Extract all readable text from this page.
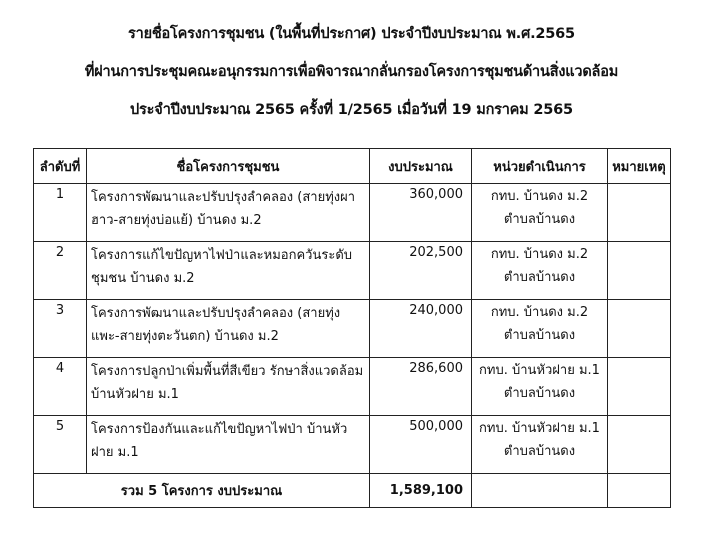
รายชื่อโครงการชุมชน (ในพื้นที่ประกาศ) ประจำปีงบประมาณ พ.ศ.2565
ที่ผ่านการประชุมคณะอนุกรรมการเพื่อพิจารณากลั่นกรองโครงการชุมชนด้านสิ่งแวดล้อม
ประจำปีงบประมาณ 2565 ครั้งที่ 1/2565 เมื่อวันที่ 19 มกราคม 2565
ลำดับที่	ชื่อโครงการชุมชน	งบประมาณ	หน่วยดำเนินการ	หมายเหตุ
1	โครงการพัฒนาและปรับปรุงลำคลอง (สายทุ่งผาฮาว-สายทุ่งบ่อแย้) บ้านดง ม.2	360,000	กทบ. บ้านดง ม.2
ตำบลบ้านดง	

2	โครงการแก้ไขปัญหาไฟป่าและหมอกควันระดับชุมชน บ้านดง ม.2	202,500	กทบ. บ้านดง ม.2
ตำบลบ้านดง	

3	โครงการพัฒนาและปรับปรุงลำคลอง (สายทุ่งแพะ-สายทุ่งตะวันตก) บ้านดง ม.2	240,000	กทบ. บ้านดง ม.2
ตำบลบ้านดง	

4	โครงการปลูกป่าเพิ่มพื้นที่สีเขียว รักษาสิ่งแวดล้อม บ้านหัวฝาย ม.1	286,600	กทบ. บ้านหัวฝาย ม.1
ตำบลบ้านดง	

5	โครงการป้องกันและแก้ไขปัญหาไฟป่า บ้านหัวฝาย ม.1	500,000	กทบ. บ้านหัวฝาย ม.1
ตำบลบ้านดง	

รวม 5 โครงการ งบประมาณ		1,589,100		
